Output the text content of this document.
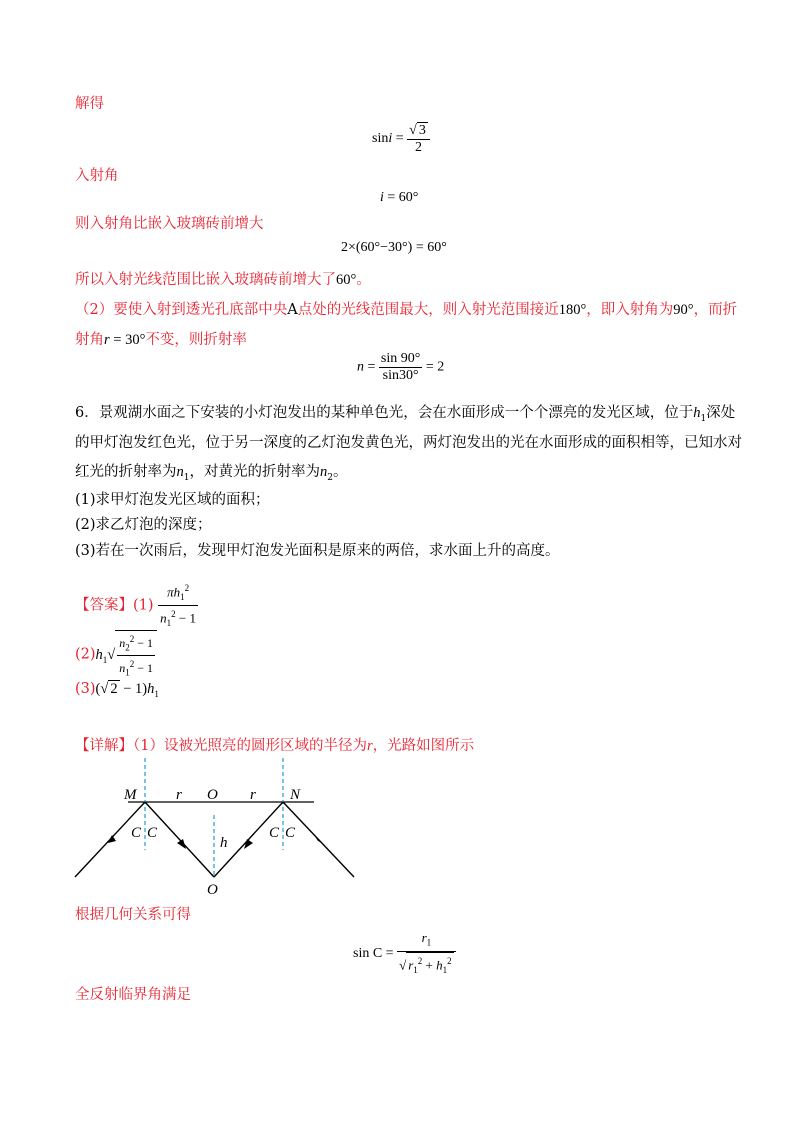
解得
$\sin i = \frac{√ 3}{2}$
入射角
i = 60°
则入射角比嵌入玻璃砖前增大
2×(60°−30°) = 60°
所以入射光线范围比嵌入玻璃砖前增大了60°。
（2）要使入射到透光孔底部中央A点处的光线范围最大，则入射光范围接近180°，即入射角为90°，而折
射角r = 30°不变，则折射率
$n = \frac{\sin 90^\circ}{\sin 30^\circ} = 2$
6．景观湖水面之下安装的小灯泡发出的某种单色光，会在水面形成一个个漂亮的发光区域，位于$h_1$深处
的甲灯泡发红色光，位于另一深度的乙灯泡发黄色光，两灯泡发出的光在水面形成的面积相等，已知水对
红光的折射率为$n_1$，对黄光的折射率为$n_2$。
(1)求甲灯泡发光区域的面积；
(2)求乙灯泡的深度；
(3)若在一次雨后，发现甲灯泡发光面积是原来的两倍，求水面上升的高度。
【答案】$(1) \frac{\pi h_1^2}{n_1^2 - 1}$
$(2)h_1√ \frac{n_2^2 - 1}{n_1^2 - 1}$
(3)(√ $2 - 1)h_1$
【详解】（1）设被光照亮的圆形区域的半径为r，光路如图所示
M	r O r N
C C	C C
h
O
根据几何关系可得
$\sin C = \frac{r_1}{√ r_1^2 + h_1^2}$
全反射临界角满足
